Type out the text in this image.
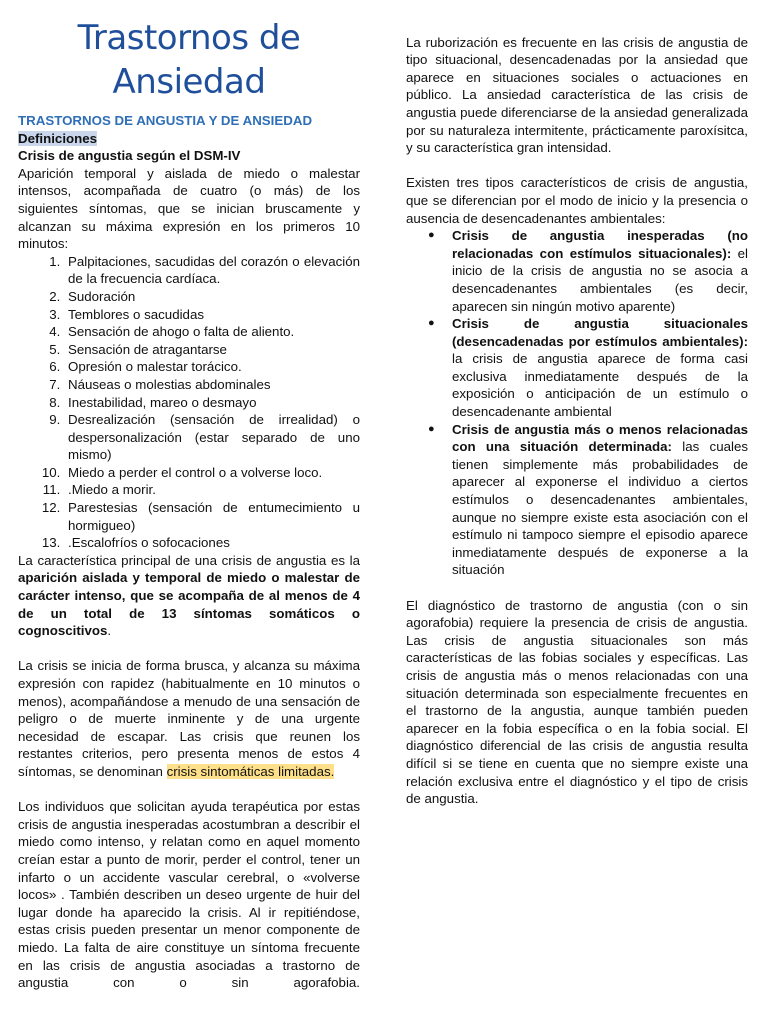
Trastornos de Ansiedad
TRASTORNOS DE ANGUSTIA Y DE ANSIEDAD
Definiciones
Crisis de angustia según el DSM-IV

Aparición temporal y aislada de miedo o malestar intensos, acompañada de cuatro (o más) de los siguientes síntomas, que se inician bruscamente y alcanzan su máxima expresión en los primeros 10 minutos:

1. Palpitaciones, sacudidas del corazón o elevación de la frecuencia cardíaca.
2. Sudoración
3. Temblores o sacudidas
4. Sensación de ahogo o falta de aliento.
5. Sensación de atragantarse
6. Opresión o malestar torácico.
7. Náuseas o molestias abdominales
8. Inestabilidad, mareo o desmayo
9. Desrealización (sensación de irrealidad) o despersonalización (estar separado de uno mismo)
10. Miedo a perder el control o a volverse loco.
11. .Miedo a morir.
12. Parestesias (sensación de entumecimiento u hormigueo)
13. .Escalofríos o sofocaciones

La característica principal de una crisis de angustia es la aparición aislada y temporal de miedo o malestar de carácter intenso, que se acompaña de al menos de 4 de un total de 13 síntomas somáticos o cognoscitivos.

La crisis se inicia de forma brusca, y alcanza su máxima expresión con rapidez (habitualmente en 10 minutos o menos), acompañándose a menudo de una sensación de peligro o de muerte inminente y de una urgente necesidad de escapar. Las crisis que reunen los restantes criterios, pero presenta menos de estos 4 síntomas, se denominan crisis sintomáticas limitadas.

Los individuos que solicitan ayuda terapéutica por estas crisis de angustia inesperadas acostumbran a describir el miedo como intenso, y relatan como en aquel momento creían estar a punto de morir, perder el control, tener un infarto o un accidente vascular cerebral, o «volverse locos» . También describen un deseo urgente de huir del lugar donde ha aparecido la crisis. Al ir repitiéndose, estas crisis pueden presentar un menor componente de miedo. La falta de aire constituye un síntoma frecuente en las crisis de angustia asociadas a trastorno de angustia con o sin agorafobia.

La ruborización es frecuente en las crisis de angustia de tipo situacional, desencadenadas por la ansiedad que aparece en situaciones sociales o actuaciones en público. La ansiedad característica de las crisis de angustia puede diferenciarse de la ansiedad generalizada por su naturaleza intermitente, prácticamente paroxísitca, y su característica gran intensidad.

Existen tres tipos característicos de crisis de angustia, que se diferencian por el modo de inicio y la presencia o ausencia de desencadenantes ambientales:

● Crisis de angustia inesperadas (no relacionadas con estímulos situacionales): el inicio de la crisis de angustia no se asocia a desencadenantes ambientales (es decir, aparecen sin ningún motivo aparente)
● Crisis de angustia situacionales (desencadenadas por estímulos ambientales): la crisis de angustia aparece de forma casi exclusiva inmediatamente después de la exposición o anticipación de un estímulo o desencadenante ambiental
● Crisis de angustia más o menos relacionadas con una situación determinada: las cuales tienen simplemente más probabilidades de aparecer al exponerse el individuo a ciertos estímulos o desencadenantes ambientales, aunque no siempre existe esta asociación con el estímulo ni tampoco siempre el episodio aparece inmediatamente después de exponerse a la situación

El diagnóstico de trastorno de angustia (con o sin agorafobia) requiere la presencia de crisis de angustia. Las crisis de angustia situacionales son más características de las fobias sociales y específicas. Las crisis de angustia más o menos relacionadas con una situación determinada son especialmente frecuentes en el trastorno de la angustia, aunque también pueden aparecer en la fobia específica o en la fobia social. El diagnóstico diferencial de las crisis de angustia resulta difícil si se tiene en cuenta que no siempre existe una relación exclusiva entre el diagnóstico y el tipo de crisis de angustia.
